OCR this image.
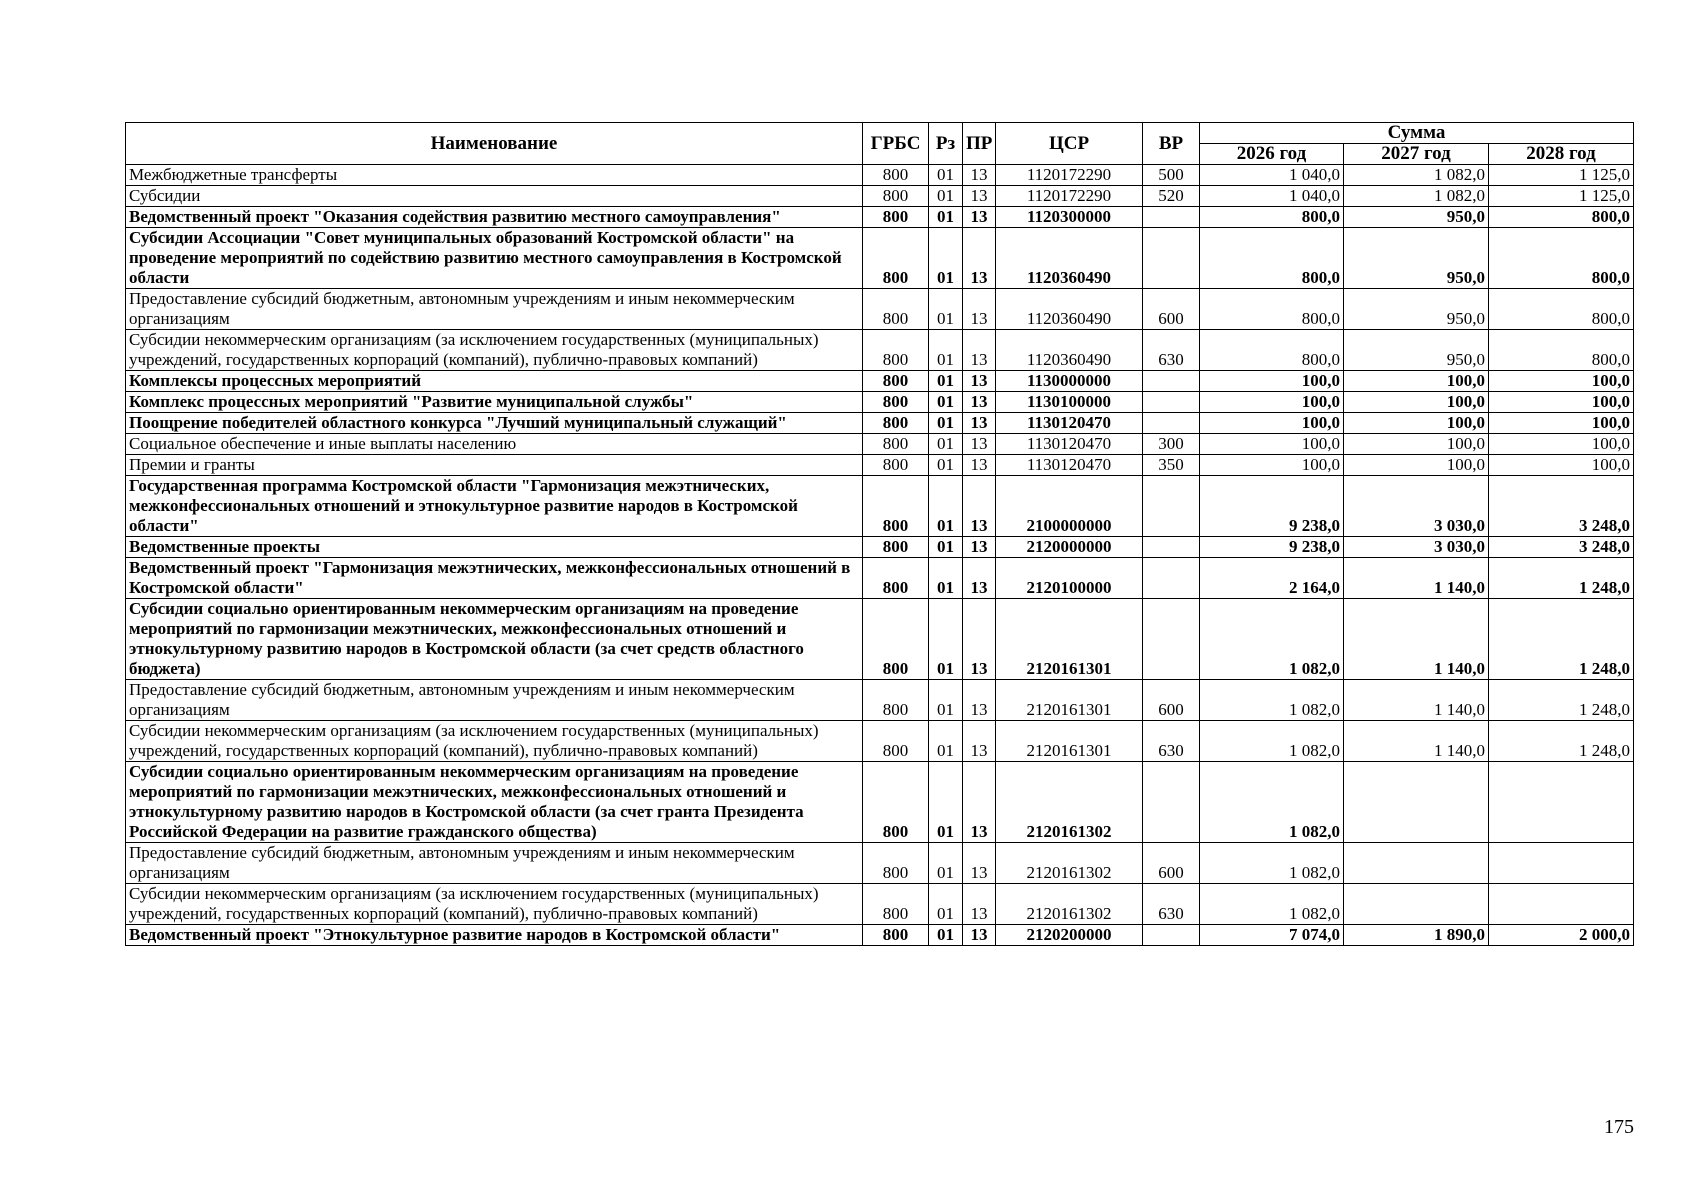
Наименование	ГРБС	Рз	ПР	ЦСР	ВР	Сумма		
						2026 год	2027 год	2028 год
Межбюджетные трансферты	800	01	13	1120172290	500	1 040,0	1 082,0	1 125,0
Субсидии	800	01	13	1120172290	520	1 040,0	1 082,0	1 125,0
Ведомственный проект "Оказания содействия развитию местного самоуправления"	800	01	13	1120300000		800,0	950,0	800,0
Субсидии Ассоциации "Совет муниципальных образований Костромской области" на проведение мероприятий по содействию развитию местного самоуправления в Костромской области	800	01	13	1120360490		800,0	950,0	800,0
Предоставление субсидий бюджетным, автономным учреждениям и иным некоммерческим организациям	800	01	13	1120360490	600	800,0	950,0	800,0
Субсидии некоммерческим организациям (за исключением государственных (муниципальных) учреждений, государственных корпораций (компаний), публично-правовых компаний)	800	01	13	1120360490	630	800,0	950,0	800,0
Комплексы процессных мероприятий	800	01	13	1130000000		100,0	100,0	100,0
Комплекс процессных мероприятий "Развитие муниципальной службы"	800	01	13	1130100000		100,0	100,0	100,0
Поощрение победителей областного конкурса "Лучший муниципальный служащий"	800	01	13	1130120470		100,0	100,0	100,0
Социальное обеспечение и иные выплаты населению	800	01	13	1130120470	300	100,0	100,0	100,0
Премии и гранты	800	01	13	1130120470	350	100,0	100,0	100,0
Государственная программа Костромской области "Гармонизация межэтнических, межконфессиональных отношений и этнокультурное развитие народов в Костромской области"	800	01	13	2100000000		9 238,0	3 030,0	3 248,0
Ведомственные проекты	800	01	13	2120000000		9 238,0	3 030,0	3 248,0
Ведомственный проект "Гармонизация межэтнических, межконфессиональных отношений в Костромской области"	800	01	13	2120100000		2 164,0	1 140,0	1 248,0
Субсидии социально ориентированным некоммерческим организациям на проведение мероприятий по гармонизации межэтнических, межконфессиональных отношений и этнокультурному развитию народов в Костромской области (за счет средств областного бюджета)	800	01	13	2120161301		1 082,0	1 140,0	1 248,0
Предоставление субсидий бюджетным, автономным учреждениям и иным некоммерческим организациям	800	01	13	2120161301	600	1 082,0	1 140,0	1 248,0
Субсидии некоммерческим организациям (за исключением государственных (муниципальных) учреждений, государственных корпораций (компаний), публично-правовых компаний)	800	01	13	2120161301	630	1 082,0	1 140,0	1 248,0
Субсидии социально ориентированным некоммерческим организациям на проведение мероприятий по гармонизации межэтнических, межконфессиональных отношений и этнокультурному развитию народов в Костромской области (за счет гранта Президента Российской Федерации на развитие гражданского общества)	800	01	13	2120161302		1 082,0		
Предоставление субсидий бюджетным, автономным учреждениям и иным некоммерческим организациям	800	01	13	2120161302	600	1 082,0		
Субсидии некоммерческим организациям (за исключением государственных (муниципальных) учреждений, государственных корпораций (компаний), публично-правовых компаний)	800	01	13	2120161302	630	1 082,0		
Ведомственный проект "Этнокультурное развитие народов в Костромской области"	800	01	13	2120200000		7 074,0	1 890,0	2 000,0
175
